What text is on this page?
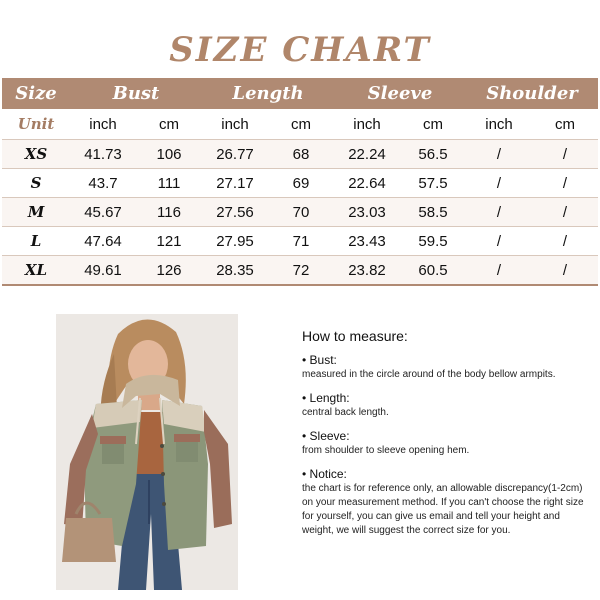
SIZE CHART
Size	Bust		Length		Sleeve		Shoulder	
Unit	inch	cm	inch	cm	inch	cm	inch	cm
XS	41.73	106	26.77	68	22.24	56.5	/	/
S	43.7	111	27.17	69	22.64	57.5	/	/
M	45.67	116	27.56	70	23.03	58.5	/	/
L	47.64	121	27.95	71	23.43	59.5	/	/
XL	49.61	126	28.35	72	23.82	60.5	/	/
How to measure:
• Bust:
measured in the circle around of the body bellow armpits.
• Length:
central back length.
• Sleeve:
from shoulder to sleeve opening hem.
• Notice:
the chart is for reference only, an allowable discrepancy(1-2cm) on your measurement method. If you can't choose the right size for yourself, you can give us email and tell your height and weight, we will suggest the correct size for you.
